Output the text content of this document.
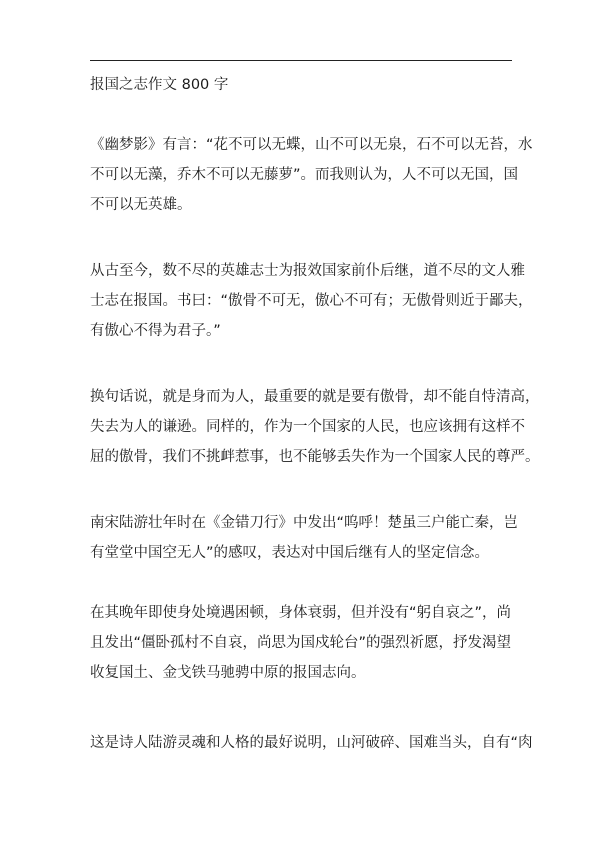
报国之志作文 800 字
《幽梦影》有言：“花不可以无蝶，山不可以无泉，石不可以无苔，水
不可以无藻，乔木不可以无藤萝”。而我则认为，人不可以无国，国
不可以无英雄。
从古至今，数不尽的英雄志士为报效国家前仆后继，道不尽的文人雅
士志在报国。书曰：“傲骨不可无，傲心不可有；无傲骨则近于鄙夫，
有傲心不得为君子。”
换句话说，就是身而为人，最重要的就是要有傲骨，却不能自恃清高，
失去为人的谦逊。同样的，作为一个国家的人民，也应该拥有这样不
屈的傲骨，我们不挑衅惹事，也不能够丢失作为一个国家人民的尊严。
南宋陆游壮年时在《金错刀行》中发出“呜呼！楚虽三户能亡秦，岂
有堂堂中国空无人”的感叹，表达对中国后继有人的坚定信念。
在其晚年即使身处境遇困顿，身体衰弱，但并没有“躬自哀之”，尚
且发出“僵卧孤村不自哀，尚思为国戍轮台”的强烈祈愿，抒发渴望
收复国土、金戈铁马驰骋中原的报国志向。
这是诗人陆游灵魂和人格的最好说明，山河破碎、国难当头，自有“肉
